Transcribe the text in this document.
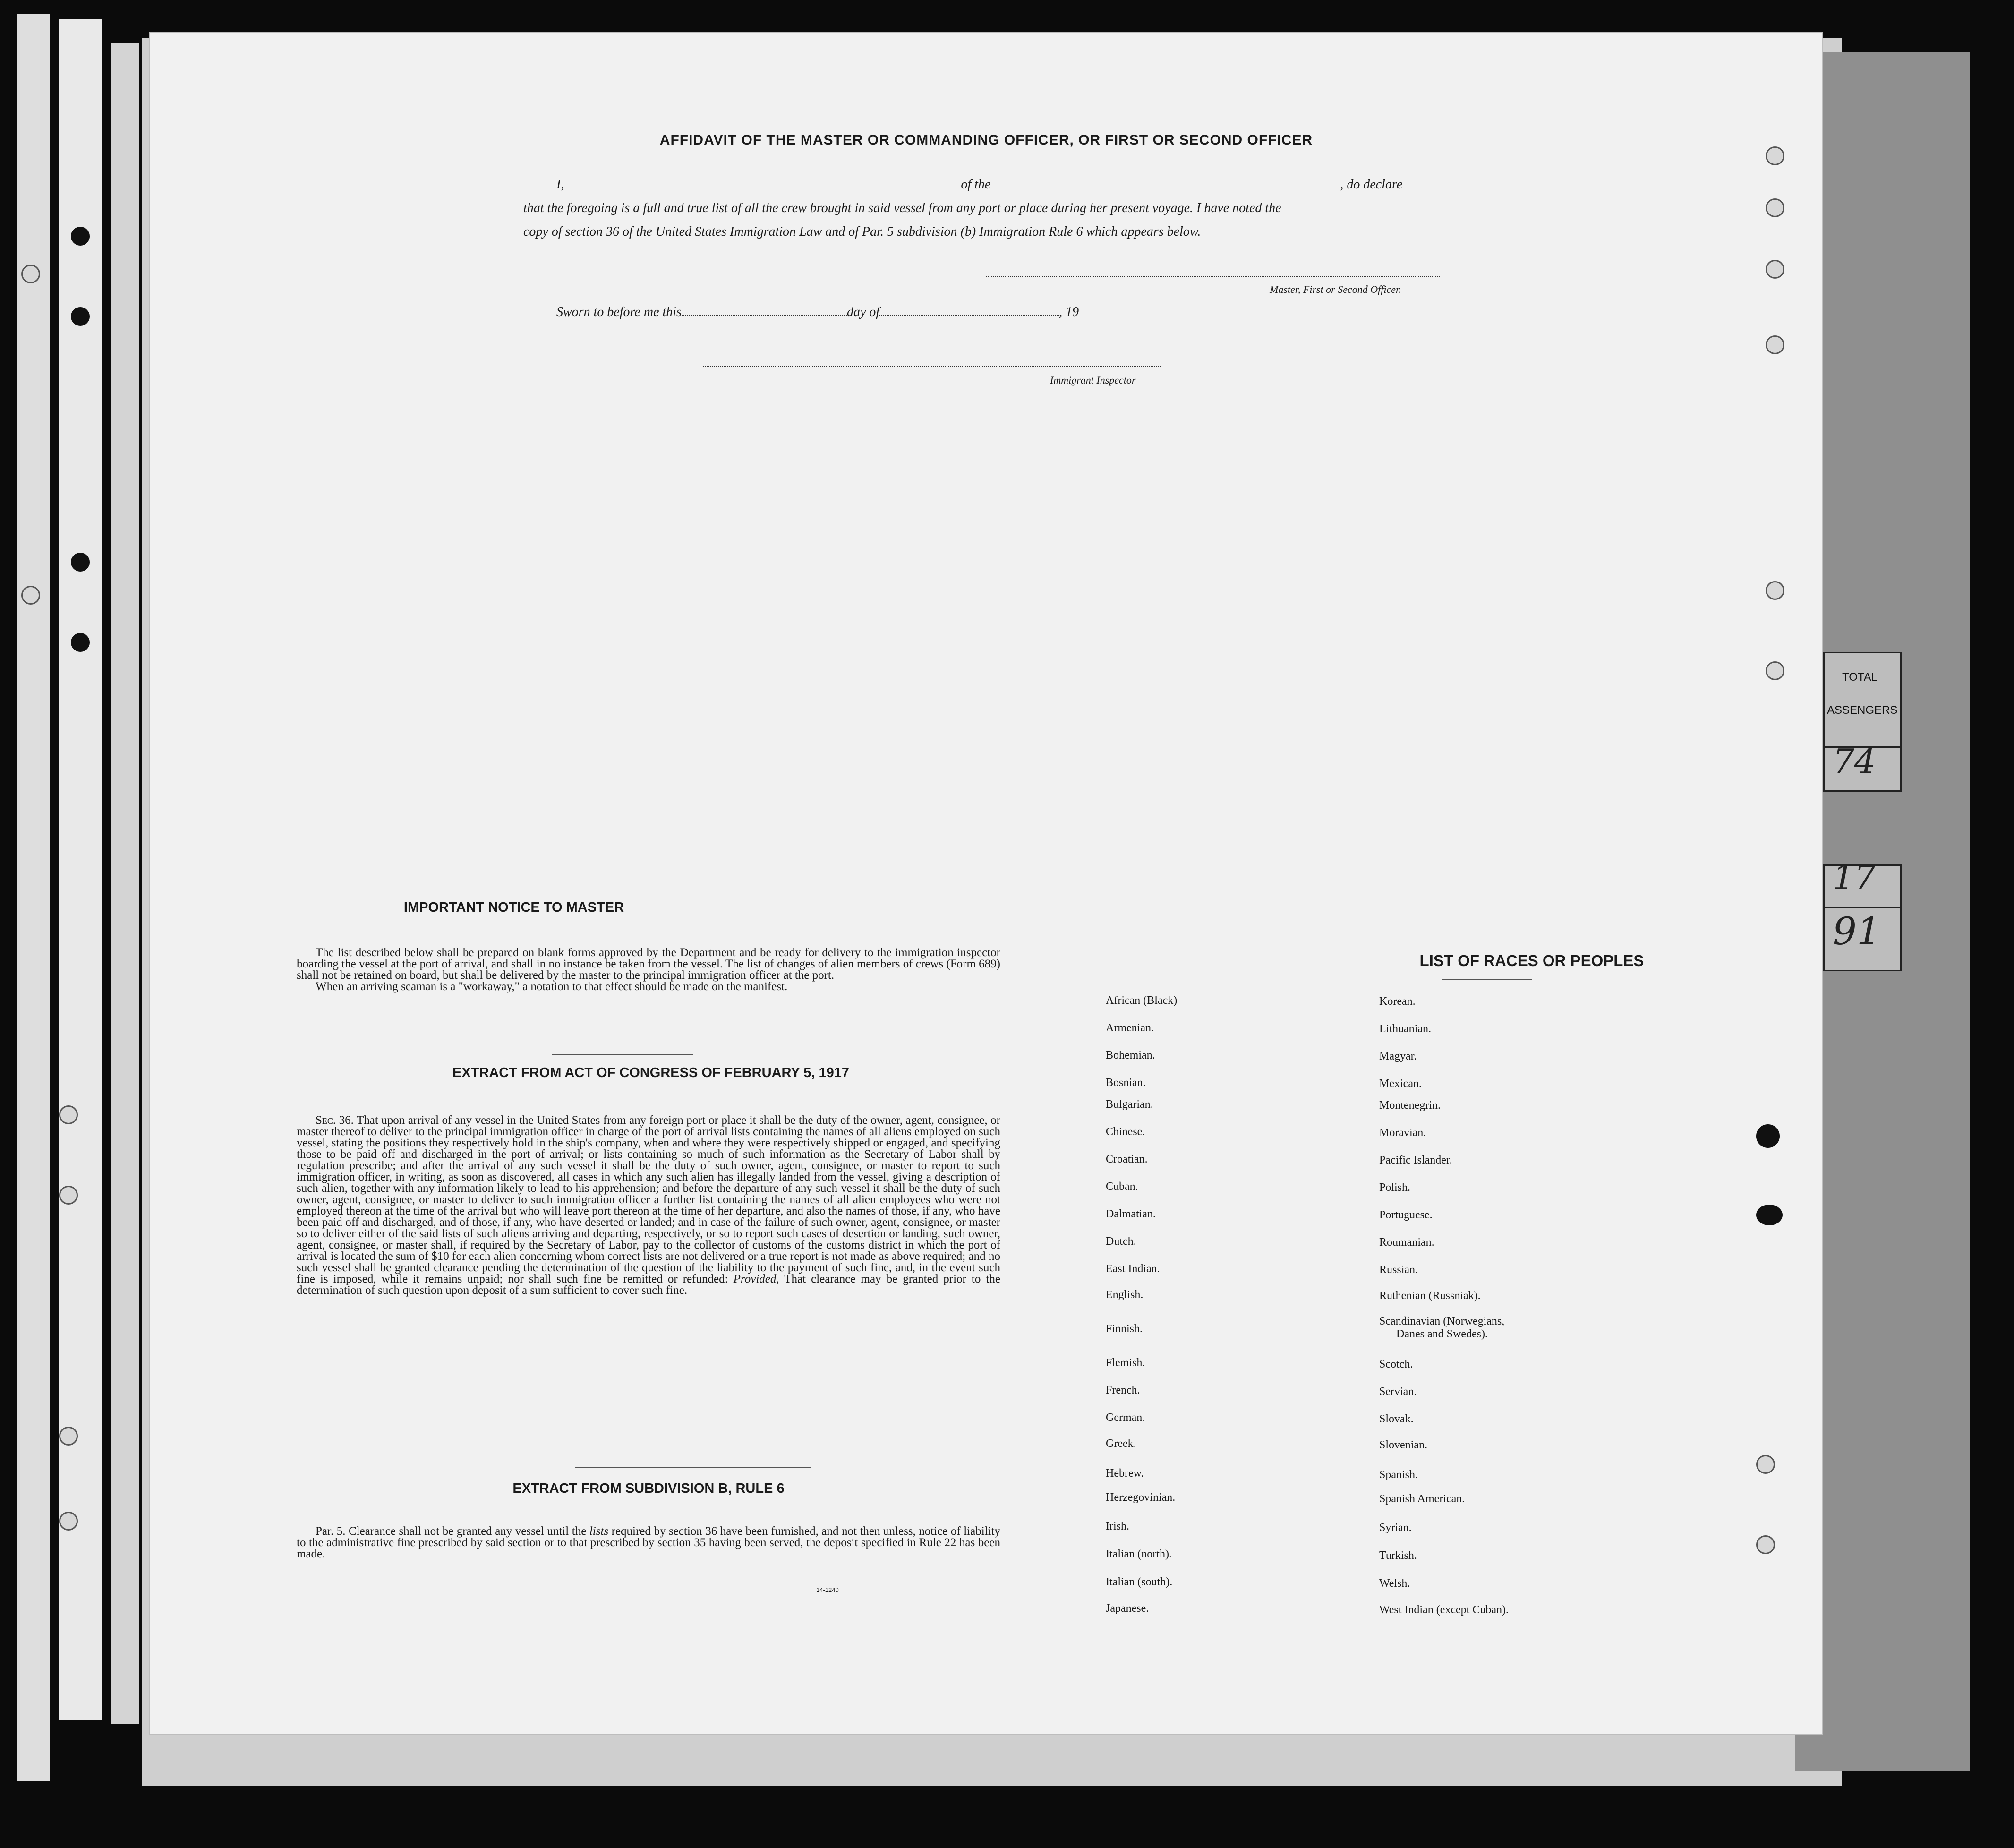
AFFIDAVIT OF THE MASTER OR COMMANDING OFFICER, OR FIRST OR SECOND OFFICER
I,	of the	, do declare
that the foregoing is a full and true list of all the crew brought in said vessel from any port or place during her present voyage. I have noted the
copy of section 36 of the United States Immigration Law and of Par. 5 subdivision (b) Immigration Rule 6 which appears below.
Master, First or Second Officer.
Sworn to before me this	day of	, 19
Immigrant Inspector
IMPORTANT NOTICE TO MASTER

The list described below shall be prepared on blank forms approved by the Department and be ready for delivery to the immigration inspector boarding the vessel at the port of arrival, and shall in no instance be taken from the vessel. The list of changes of alien members of crews (Form 689) shall not be retained on board, but shall be delivered by the master to the principal immigration officer at the port.

When an arriving seaman is a "workaway," a notation to that effect should be made on the manifest.

EXTRACT FROM ACT OF CONGRESS OF FEBRUARY 5, 1917

Sec. 36. That upon arrival of any vessel in the United States from any foreign port or place it shall be the duty of the owner, agent, consignee, or master thereof to deliver to the principal immigration officer in charge of the port of arrival lists containing the names of all aliens employed on such vessel, stating the positions they respectively hold in the ship's company, when and where they were respectively shipped or engaged, and specifying those to be paid off and discharged in the port of arrival; or lists containing so much of such information as the Secretary of Labor shall by regulation prescribe; and after the arrival of any such vessel it shall be the duty of such owner, agent, consignee, or master to report to such immigration officer, in writing, as soon as discovered, all cases in which any such alien has illegally landed from the vessel, giving a description of such alien, together with any information likely to lead to his apprehension; and before the departure of any such vessel it shall be the duty of such owner, agent, consignee, or master to deliver to such immigration officer a further list containing the names of all alien employees who were not employed thereon at the time of the arrival but who will leave port thereon at the time of her departure, and also the names of those, if any, who have been paid off and discharged, and of those, if any, who have deserted or landed; and in case of the failure of such owner, agent, consignee, or master so to deliver either of the said lists of such aliens arriving and departing, respectively, or so to report such cases of desertion or landing, such owner, agent, consignee, or master shall, if required by the Secretary of Labor, pay to the collector of customs of the customs district in which the port of arrival is located the sum of $10 for each alien concerning whom correct lists are not delivered or a true report is not made as above required; and no such vessel shall be granted clearance pending the determination of the question of the liability to the payment of such fine, and, in the event such fine is imposed, while it remains unpaid; nor shall such fine be remitted or refunded: Provided, That clearance may be granted prior to the determination of such question upon deposit of a sum sufficient to cover such fine.

EXTRACT FROM SUBDIVISION B, RULE 6

Par. 5. Clearance shall not be granted any vessel until the lists required by section 36 have been furnished, and not then unless, notice of liability to the administrative fine prescribed by said section or to that prescribed by section 35 having been served, the deposit specified in Rule 22 has been made.

14-1240
LIST OF RACES OR PEOPLES
African (Black)
Armenian.
Bohemian.
Bosnian.
Bulgarian.
Chinese.
Croatian.
Cuban.
Dalmatian.
Dutch.
East Indian.
English.
Finnish.
Flemish.
French.
German.
Greek.
Hebrew.
Herzegovinian.
Irish.
Italian (north).
Italian (south).
Japanese.
Korean.
Lithuanian.
Magyar.
Mexican.
Montenegrin.
Moravian.
Pacific Islander.
Polish.
Portuguese.
Roumanian.
Russian.
Ruthenian (Russniak).
Scandinavian (Norwegians,
Danes and Swedes).
Scotch.
Servian.
Slovak.
Slovenian.
Spanish.
Spanish American.
Syrian.
Turkish.
Welsh.
West Indian (except Cuban).
TOTAL
ASSENGERS
74
17
91
